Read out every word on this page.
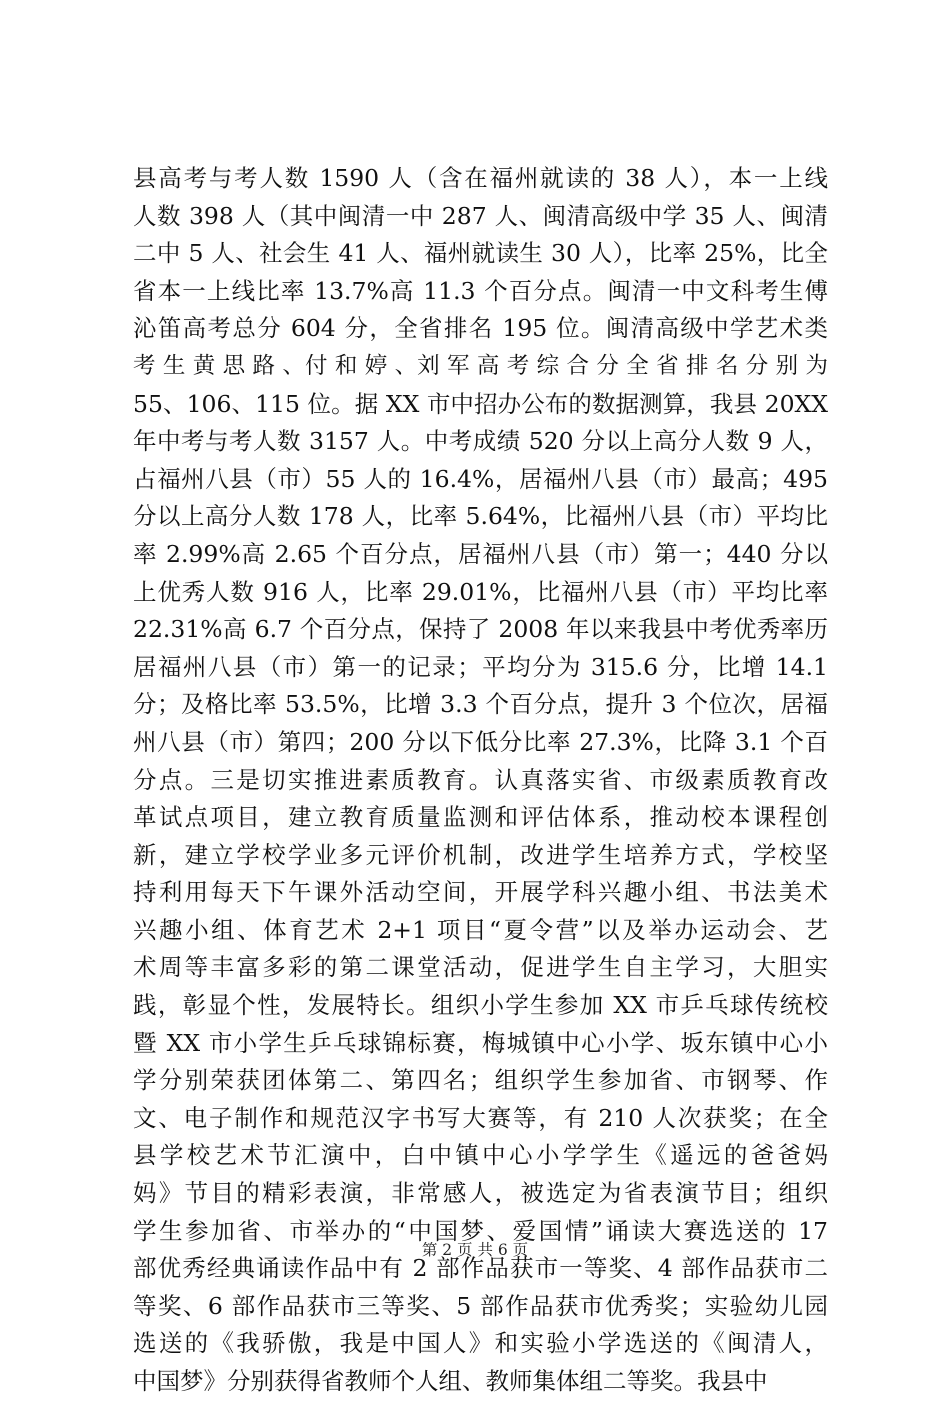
县高考与考人数 1590 人（含在福州就读的 38 人），本一上线
人数 398 人（其中闽清一中 287 人、闽清高级中学 35 人、闽清
二中 5 人、社会生 41 人、福州就读生 30 人），比率 25%，比全
省本一上线比率 13.7%高 11.3 个百分点。闽清一中文科考生傅
沁笛高考总分 604 分，全省排名 195 位。闽清高级中学艺术类
考 生 黄 思 路 、付 和 婷 、刘 军 高 考 综 合 分 全 省 排 名 分 别 为
55、106、115 位。据 XX 市中招办公布的数据测算，我县 20XX
年中考与考人数 3157 人。中考成绩 520 分以上高分人数 9 人，
占福州八县（市）55 人的 16.4%，居福州八县（市）最高；495
分以上高分人数 178 人，比率 5.64%，比福州八县（市）平均比
率 2.99%高 2.65 个百分点，居福州八县（市）第一；440 分以
上优秀人数 916 人，比率 29.01%，比福州八县（市）平均比率
22.31%高 6.7 个百分点，保持了 2008 年以来我县中考优秀率历
居福州八县（市）第一的记录；平均分为 315.6 分，比增 14.1
分；及格比率 53.5%，比增 3.3 个百分点，提升 3 个位次，居福
州八县（市）第四；200 分以下低分比率 27.3%，比降 3.1 个百
分点。三是切实推进素质教育。认真落实省、市级素质教育改
革试点项目，建立教育质量监测和评估体系，推动校本课程创
新，建立学校学业多元评价机制，改进学生培养方式，学校坚
持利用每天下午课外活动空间，开展学科兴趣小组、书法美术
兴趣小组、体育艺术 2+1 项目“夏令营”以及举办运动会、艺
术周等丰富多彩的第二课堂活动，促进学生自主学习，大胆实
践，彰显个性，发展特长。组织小学生参加 XX 市乒乓球传统校
暨 XX 市小学生乒乓球锦标赛，梅城镇中心小学、坂东镇中心小
学分别荣获团体第二、第四名；组织学生参加省、市钢琴、作
文、电子制作和规范汉字书写大赛等，有 210 人次获奖；在全
县学校艺术节汇演中，白中镇中心小学学生《遥远的爸爸妈
妈》节目的精彩表演，非常感人，被选定为省表演节目；组织
学生参加省、市举办的“中国梦、爱国情”诵读大赛选送的 17
部优秀经典诵读作品中有 2 部作品获市一等奖、4 部作品获市二
等奖、6 部作品获市三等奖、5 部作品获市优秀奖；实验幼儿园
选送的《我骄傲，我是中国人》和实验小学选送的《闽清人，
中国梦》分别获得省教师个人组、教师集体组二等奖。我县中
第 2 页 共 6 页
